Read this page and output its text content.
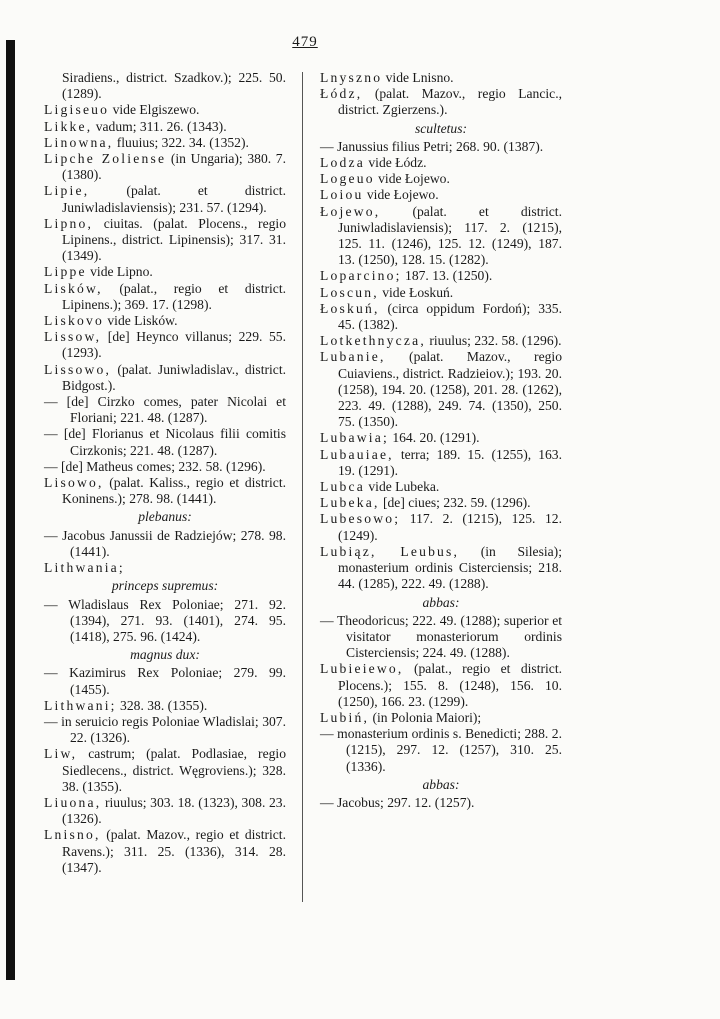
479

Siradiens., district. Szadkov.); 225. 50. (1289).

Ligiseuo vide Elgiszewo.

Likke, vadum; 311. 26. (1343).

Linowna, fluuius; 322. 34. (1352).

Lipche Zoliense (in Ungaria); 380. 7. (1380).

Lipie, (palat. et district. Juniwladislaviensis); 231. 57. (1294).

Lipno, ciuitas. (palat. Plocens., regio Lipinens., district. Lipinensis); 317. 31. (1349).

Lippe vide Lipno.

Lisków, (palat., regio et district. Lipinens.); 369. 17. (1298).

Liskovo vide Lisków.

Lissow, [de] Heynco villanus; 229. 55. (1293).

Lissowo, (palat. Juniwladislav., district. Bidgost.).

— [de] Cirzko comes, pater Nicolai et Floriani; 221. 48. (1287).

— [de] Florianus et Nicolaus filii comitis Cirzkonis; 221. 48. (1287).

— [de] Matheus comes; 232. 58. (1296).

Lisowo, (palat. Kaliss., regio et district. Koninens.); 278. 98. (1441).

plebanus:

— Jacobus Janussii de Radziejów; 278. 98. (1441).

Lithwania;

princeps supremus:

— Wladislaus Rex Poloniae; 271. 92. (1394), 271. 93. (1401), 274. 95. (1418), 275. 96. (1424).

magnus dux:

— Kazimirus Rex Poloniae; 279. 99. (1455).

Lithwani; 328. 38. (1355).

— in seruicio regis Poloniae Wladislai; 307. 22. (1326).

Liw, castrum; (palat. Podlasiae, regio Siedlecens., district. Węgroviens.); 328. 38. (1355).

Liuona, riuulus; 303. 18. (1323), 308. 23. (1326).

Lnisno, (palat. Mazov., regio et district. Ravens.); 311. 25. (1336), 314. 28. (1347).

Lnyszno vide Lnisno.

Łódz, (palat. Mazov., regio Lancic., district. Zgierzens.).

scultetus:

— Janussius filius Petri; 268. 90. (1387).

Lodza vide Łódz.

Logeuo vide Łojewo.

Loiou vide Łojewo.

Łojewo, (palat. et district. Juniwladislaviensis); 117. 2. (1215), 125. 11. (1246), 125. 12. (1249), 187. 13. (1250), 128. 15. (1282).

Loparcino; 187. 13. (1250).

Loscun, vide Łoskuń.

Łoskuń, (circa oppidum Fordoń); 335. 45. (1382).

Lotkethnycza, riuulus; 232. 58. (1296).

Lubanie, (palat. Mazov., regio Cuiaviens., district. Radzieiov.); 193. 20. (1258), 194. 20. (1258), 201. 28. (1262), 223. 49. (1288), 249. 74. (1350), 250. 75. (1350).

Lubawia; 164. 20. (1291).

Lubauiae, terra; 189. 15. (1255), 163. 19. (1291).

Lubca vide Lubeka.

Lubeka, [de] ciues; 232. 59. (1296).

Lubesowo; 117. 2. (1215), 125. 12. (1249).

Lubiąz, Leubus, (in Silesia); monasterium ordinis Cisterciensis; 218. 44. (1285), 222. 49. (1288).

abbas:

— Theodoricus; 222. 49. (1288); superior et visitator monasteriorum ordinis Cisterciensis; 224. 49. (1288).

Lubieiewo, (palat., regio et district. Plocens.); 155. 8. (1248), 156. 10. (1250), 166. 23. (1299).

Lubiń, (in Polonia Maiori);

— monasterium ordinis s. Benedicti; 288. 2. (1215), 297. 12. (1257), 310. 25. (1336).

abbas:

— Jacobus; 297. 12. (1257).
